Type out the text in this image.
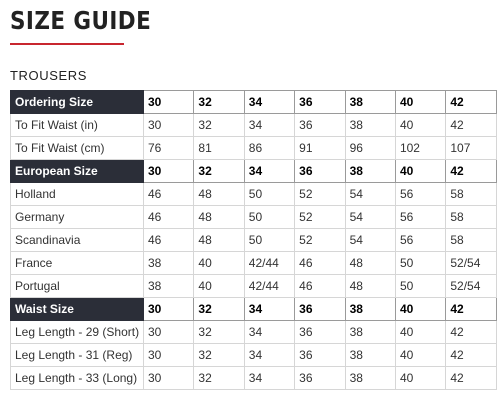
SIZE GUIDE
TROUSERS
Ordering Size	30	32	34	36	38	40	42
To Fit Waist (in)	30	32	34	36	38	40	42
To Fit Waist (cm)	76	81	86	91	96	102	107
European Size	30	32	34	36	38	40	42
Holland	46	48	50	52	54	56	58
Germany	46	48	50	52	54	56	58
Scandinavia	46	48	50	52	54	56	58
France	38	40	42/44	46	48	50	52/54
Portugal	38	40	42/44	46	48	50	52/54
Waist Size	30	32	34	36	38	40	42
Leg Length - 29 (Short)	30	32	34	36	38	40	42
Leg Length - 31 (Reg)	30	32	34	36	38	40	42
Leg Length - 33 (Long)	30	32	34	36	38	40	42
